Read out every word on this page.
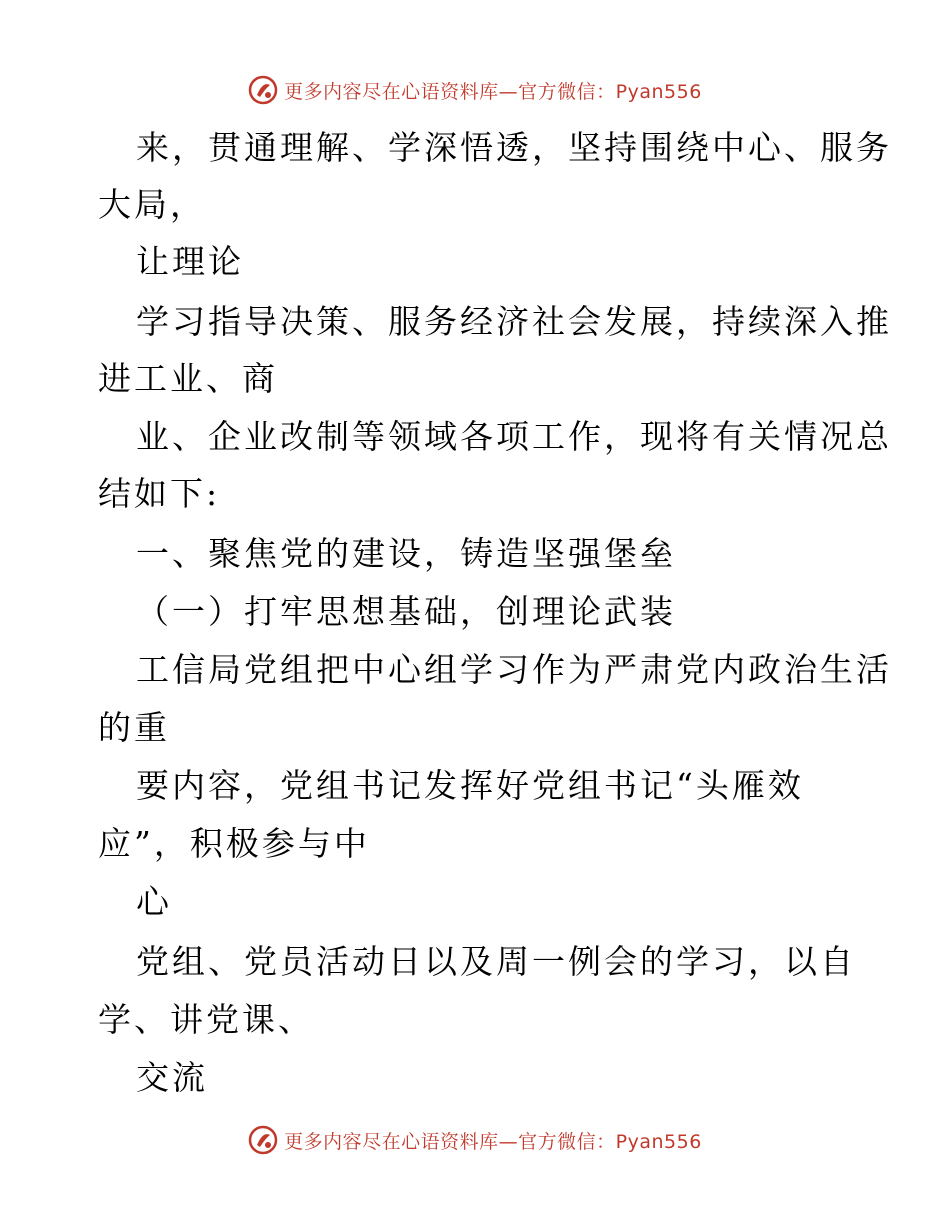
更多内容尽在心语资料库—官方微信：Pyan556
来，贯通理解、学深悟透，坚持围绕中心、服务
大局，
让理论
学习指导决策、服务经济社会发展，持续深入推
进工业、商
业、企业改制等领域各项工作，现将有关情况总
结如下:
一、聚焦党的建设，铸造坚强堡垒
（一）打牢思想基础，创理论武装
工信局党组把中心组学习作为严肃党内政治生活
的重
要内容，党组书记发挥好党组书记“头雁效
应”，积极参与中
心
党组、党员活动日以及周一例会的学习，以自
学、讲党课、
交流
更多内容尽在心语资料库—官方微信：Pyan556
